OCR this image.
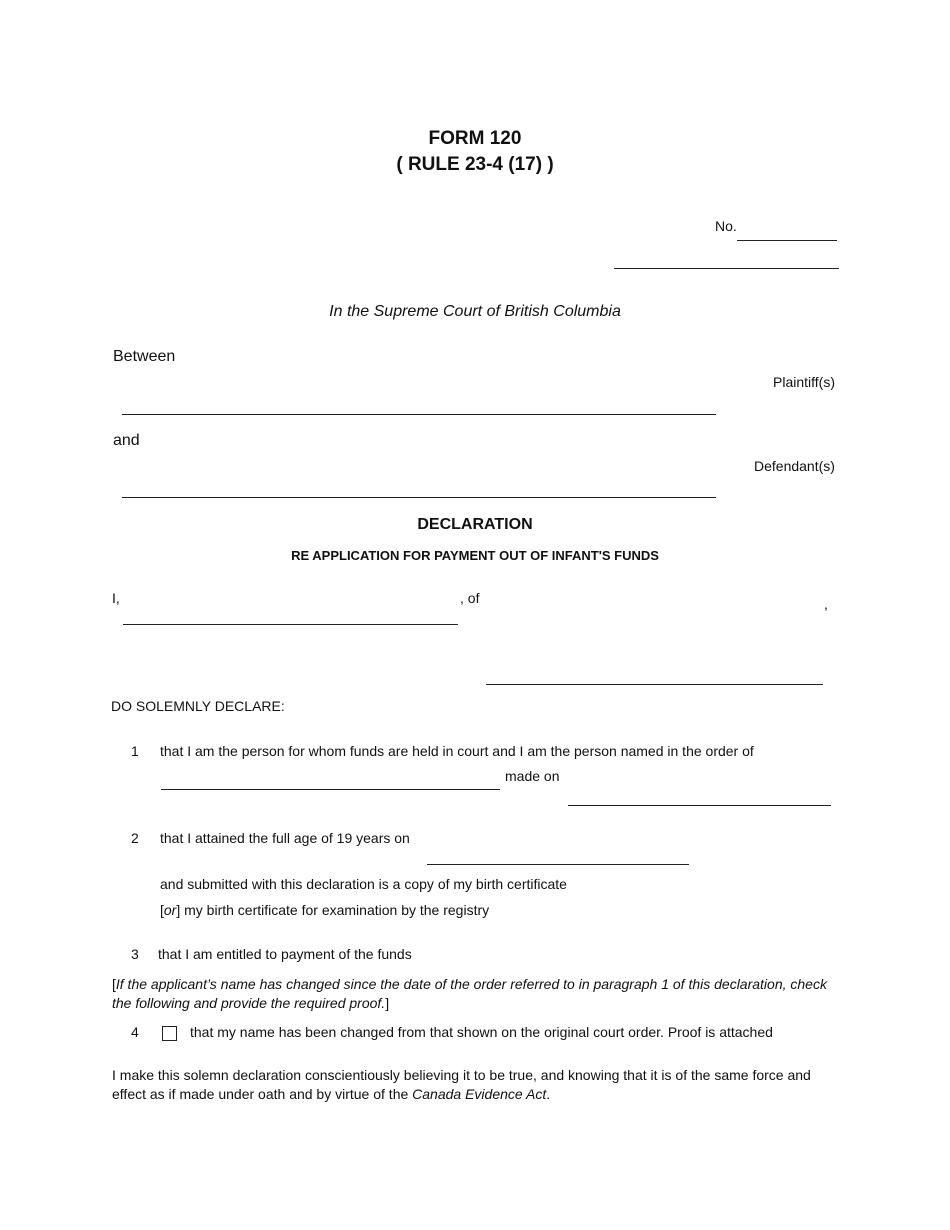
FORM 120
( RULE 23-4 (17) )
No.
In the Supreme Court of British Columbia
Between
Plaintiff(s)
and
Defendant(s)
DECLARATION
RE APPLICATION FOR PAYMENT OUT OF INFANT'S FUNDS
I,	, of	,
DO SOLEMNLY DECLARE:
1 that I am the person for whom funds are held in court and I am the person named in the order of
made on
2 that I attained the full age of 19 years on
and submitted with this declaration is a copy of my birth certificate
[or] my birth certificate for examination by the registry
3 that I am entitled to payment of the funds
[If the applicant’s name has changed since the date of the order referred to in paragraph 1 of this declaration, check the following and provide the required proof.]
4	that my name has been changed from that shown on the original court order. Proof is attached
I make this solemn declaration conscientiously believing it to be true, and knowing that it is of the same force and effect as if made under oath and by virtue of the Canada Evidence Act.
